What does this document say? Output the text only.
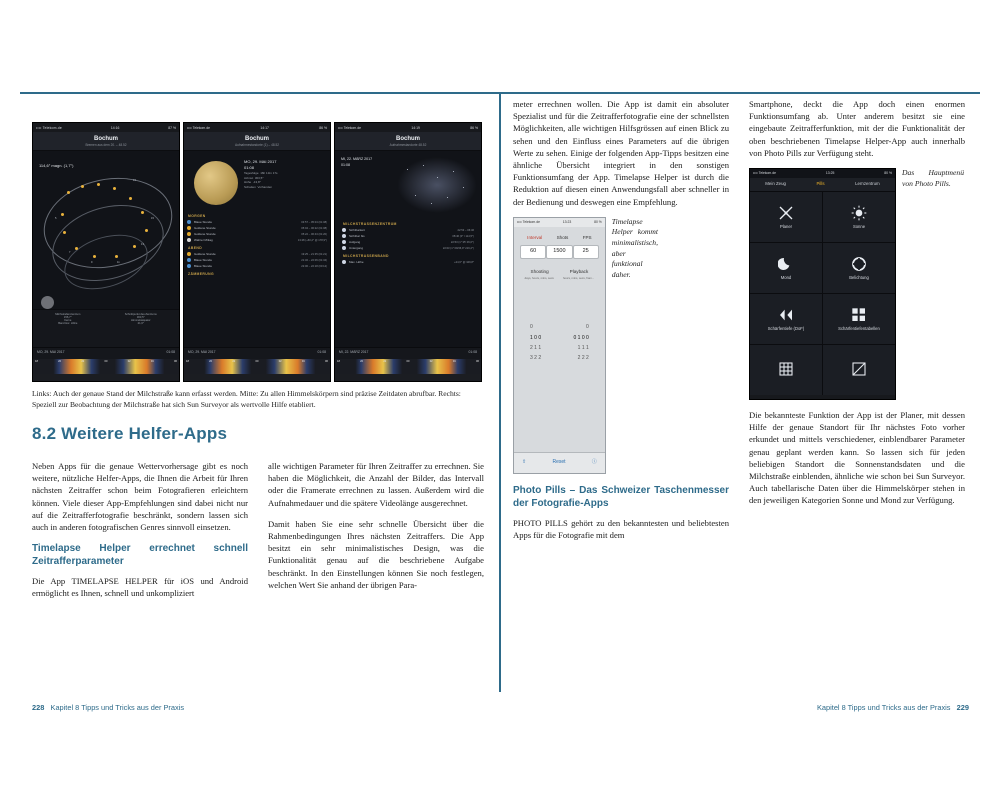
•••• Telekom.de	14:16	87 %
Bochum
Bremen aus dem 20. – 48.52
114,6° magn. (1,7°)
5
7
9	11
13
15
19
Milchstraßenzentrum
156,7°
Kerne
Band Hor. Höhe
Schnittpunkt des Zentrums
303,5°
Himmelsäquator
21,6°
MO, 29. MAI 2017	01:08
18	20	22	00	02	04	06
•••• Telekom.de	14:17	86 %
Bochum
Aufnahmestandorte (1) – 48.52
MO, 29. MAI 2017
01:08
Tagesfolge 16h 13m 17s
Azimut 303,5°
Höhe -13,8°
Schatten Vorhanden
MORGEN
Blaue Stunde	03:57 – 05:04 (01:08)
Goldene Stunde	05:04 – 06:22 (01:08)
Goldene Stunde	05:22 – 06:43 (01:20)
Wahrer Mittag	13:28 (+60,2° @ 178,9°)
ABEND
Goldene Stunde	19:25 – 21:35 (01:21)
Blaue Stunde	21:32 – 22:06 (01:34)
Blaue Stunde	22:06 – 22:18 (00:12)
ZÄMMERUNG
MO, 29. MAI 2017	01:08
18	20	22	00	02	04	06
•••• Telekom.de	14:19	86 %
Bochum
Aufnahmestandorte 48.52
MI, 22. MÄRZ 2017
01:08
MILCHSTRASSENZENTRUM
Sichtbarkeit	22:53 – 06:46
Sichtbar bis	08:46 (0° / 114,5°)
Aufgang	22:53 (1° 35' 06,0°)
Untergang	22:03 (1° 09/36,9° 216,2°)
MILCHSTRASSENBAND
Max. Höhe	+24,6° @ 349,8°
MI, 22. MÄRZ 2017	01:08
18	20	22	00	02	04	06
Links: Auch der genaue Stand der Milchstraße kann erfasst werden. Mitte: Zu allen Himmelskörpern sind präzise Zeitdaten abrufbar. Rechts: Speziell zur Beobachtung der Milchstraße hat sich Sun Surveyor als wertvolle Hilfe etabliert.
8.2 Weitere Helfer-Apps

Neben Apps für die genaue Wettervorhersage gibt es noch weitere, nützliche Helfer-Apps, die Ihnen die Arbeit für Ihren nächsten Zeitraffer schon beim Fotografieren erleichtern können. Viele dieser App-Empfehlungen sind dabei nicht nur auf die Zeitrafferfotografie beschränkt, sondern lassen sich auch in anderen fotografischen Genres sinnvoll einsetzen.

Timelapse Helper errechnet schnell Zeitrafferparameter

Die App TIMELAPSE HELPER für iOS und Android ermöglicht es Ihnen, schnell und unkompliziert

alle wichtigen Parameter für Ihren Zeitraffer zu errechnen. Sie haben die Möglichkeit, die Anzahl der Bilder, das Intervall oder die Framerate errechnen zu lassen. Außerdem wird die Aufnahmedauer und die spätere Videolänge ausgerechnet.

Damit haben Sie eine sehr schnelle Übersicht über die Rahmenbedingungen Ihres nächsten Zeitraffers. Die App besitzt ein sehr minimalistisches Design, was die Funktionalität genau auf die beschriebene Aufgabe beschränkt. In den Einstellungen können Sie noch festlegen, welchen Wert Sie anhand der übrigen Para-

228 Kapitel 8 Tipps und Tricks aus der Praxis

meter errechnen wollen. Die App ist damit ein absoluter Spezialist und für die Zeitrafferfotografie eine der schnellsten Möglichkeiten, alle wichtigen Hilfsgrössen auf einen Blick zu sehen und den Einfluss eines Parameters auf die übrigen Werte zu sehen. Einige der folgenden App-Tipps besitzen eine ähnliche Übersicht integriert in den sonstigen Funktionsumfang der App. Timelapse Helper ist durch die Reduktion auf diesen einen Anwendungsfall aber schneller in der Bedienung und deswegen eine Empfehlung.

•••• Telekom.de	13:23	80 %
Interval	Shots	FPS
60	1500	25
Shooting	Playback
days, hours, mins, secs	hours, mins, secs, fram...
0	0
1 0 0	0 1 0 0
2 1 1	1 1 1
3 2 2	2 2 2
⇧	Reset	ⓘ
Timelapse Helper kommt minimalistisch, aber funktional daher.
Photo Pills – Das Schweizer Taschenmesser der Fotografie-Apps

PHOTO PILLS gehört zu den bekanntesten und beliebtesten Apps für die Fotografie mit dem

Smartphone, deckt die App doch einen enormen Funktionsumfang ab. Unter anderem besitzt sie eine eingebaute Zeitrafferfunktion, mit der die Funktionalität der oben beschriebenen Timelapse Helper-App auch innerhalb von Photo Pills zur Verfügung steht.

•••• Telekom.de	13:25	80 %
Mein Zeug	Pills	Lernzentrum
Planer	Sonne
Mond	Belichtung
Schärfentiefe (DoF)	Schärfentiefentabellen
Das Hauptmenü von Photo Pills.

Die bekannteste Funktion der App ist der Planer, mit dessen Hilfe der genaue Standort für Ihr nächstes Foto vorher erkundet und mittels verschiedener, einblendbarer Parameter genau geplant werden kann. So lassen sich für jeden beliebigen Standort die Sonnenstandsdaten und die Milchstraße einblenden, ähnliche wie schon bei Sun Surveyor. Auch tabellarische Daten über die Himmelskörper stehen in den jeweiligen Kategorien Sonne und Mond zur Verfügung.

Kapitel 8 Tipps und Tricks aus der Praxis 229
